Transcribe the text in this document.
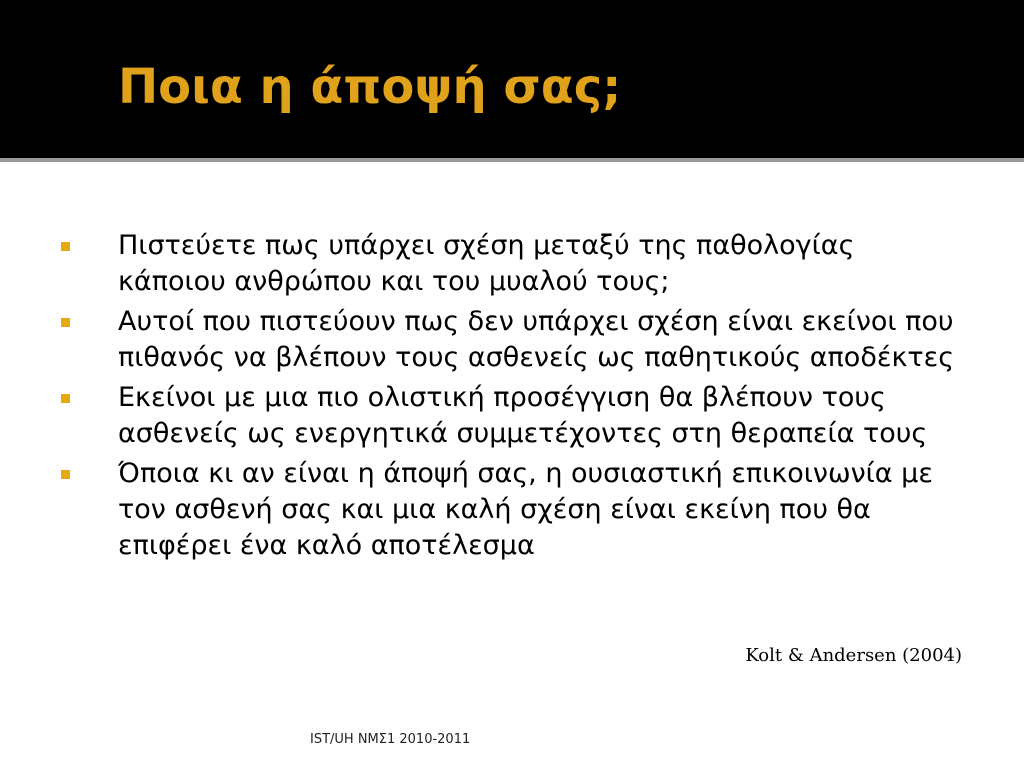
Ποια η άποψή σας;
Πιστεύετε πως υπάρχει σχέση μεταξύ της παθολογίας κάποιου ανθρώπου και του μυαλού τους;
Αυτοί που πιστεύουν πως δεν υπάρχει σχέση είναι εκείνοι που πιθανός να βλέπουν τους ασθενείς ως παθητικούς αποδέκτες
Εκείνοι με μια πιο ολιστική προσέγγιση θα βλέπουν τους ασθενείς ως ενεργητικά συμμετέχοντες στη θεραπεία τους
Όποια κι αν είναι η άποψή σας, η ουσιαστική επικοινωνία με τον ασθενή σας και μια καλή σχέση είναι εκείνη που θα επιφέρει ένα καλό αποτέλεσμα

Kolt & Andersen (2004)

IST/UH ΝΜΣ1 2010-2011
